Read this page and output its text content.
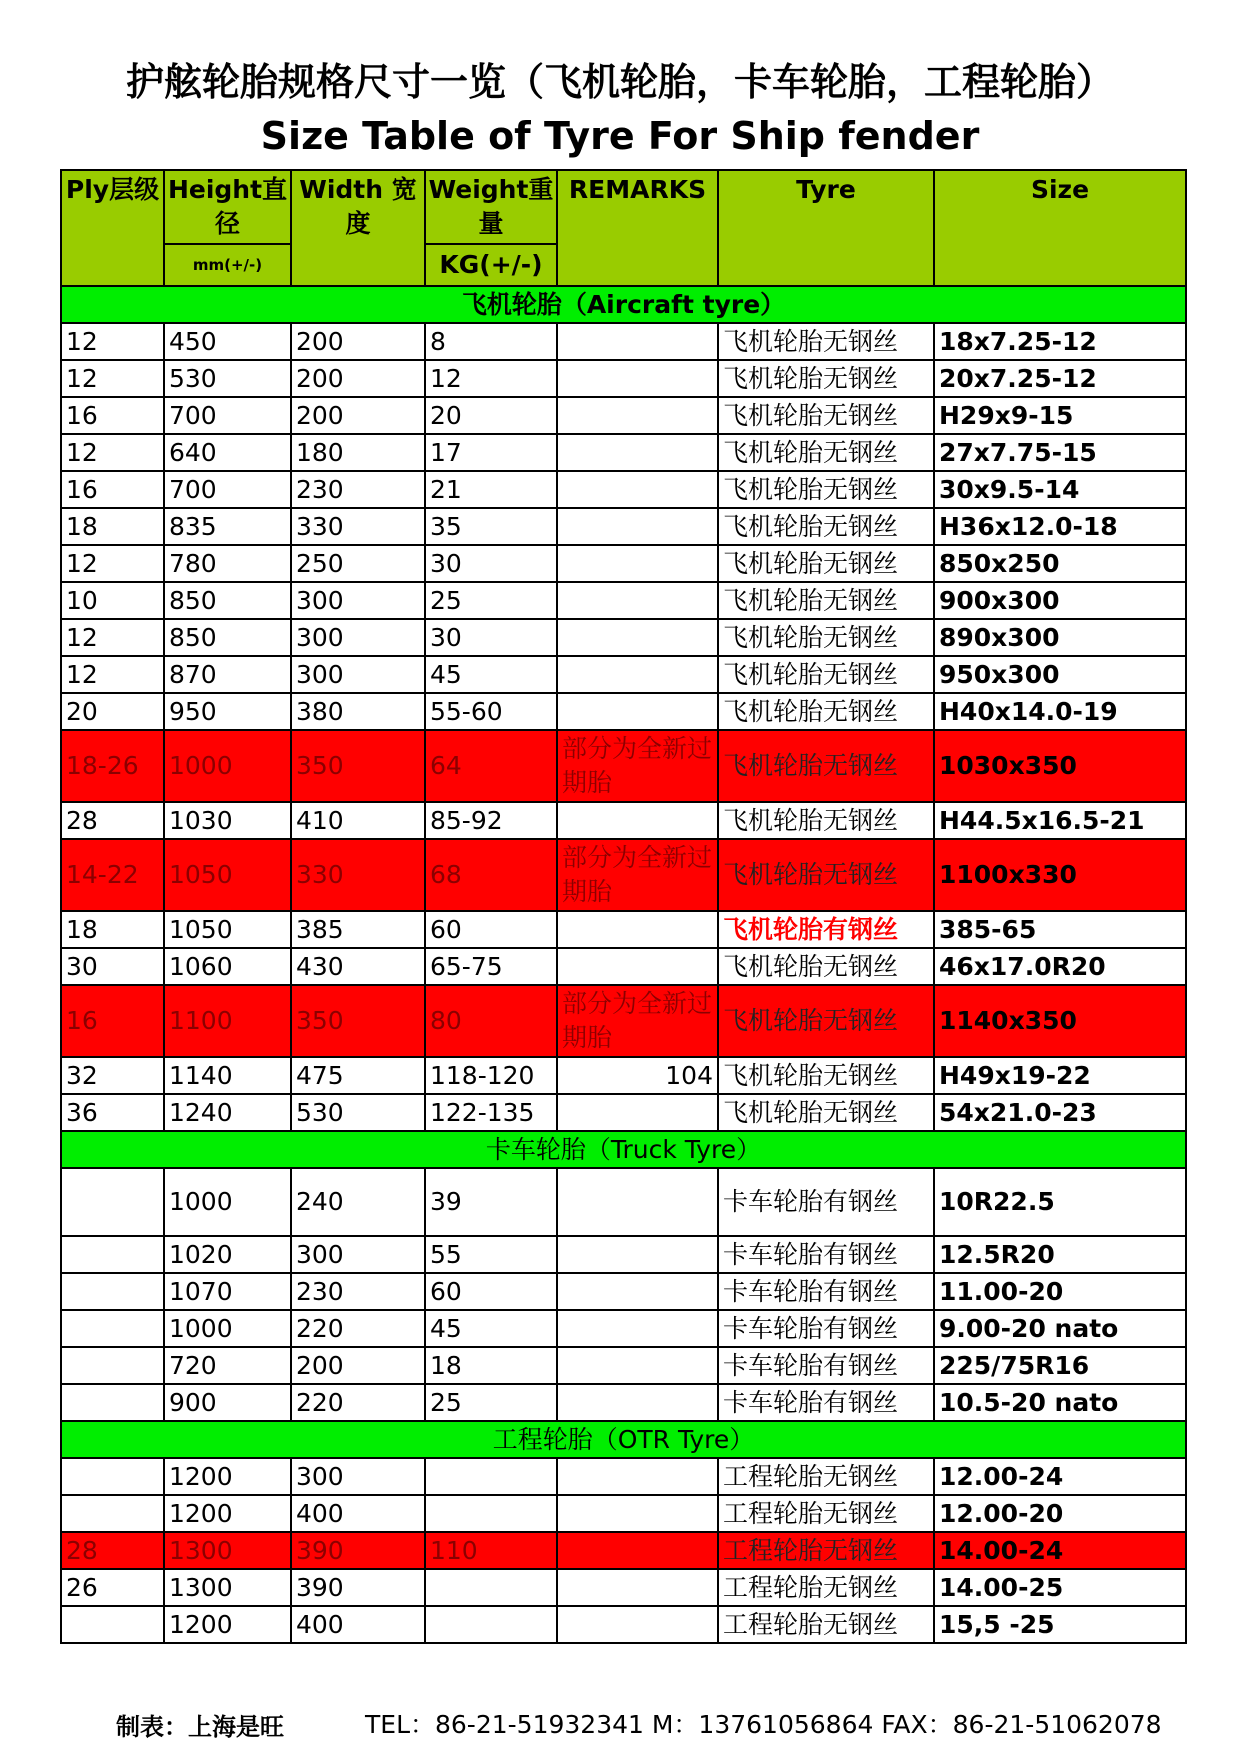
护舷轮胎规格尺寸一览（飞机轮胎，卡车轮胎，工程轮胎）
Size Table of Tyre For Ship fender
Ply层级	Height直径	Width 宽度	Weight重量	REMARKS	Tyre	Size
	mm(+/-)		KG(+/-)			
飞机轮胎（Aircraft tyre）						
12	450	200	8		飞机轮胎无钢丝	18x7.25-12
12	530	200	12		飞机轮胎无钢丝	20x7.25-12
16	700	200	20		飞机轮胎无钢丝	H29x9-15
12	640	180	17		飞机轮胎无钢丝	27x7.75-15
16	700	230	21		飞机轮胎无钢丝	30x9.5-14
18	835	330	35		飞机轮胎无钢丝	H36x12.0-18
12	780	250	30		飞机轮胎无钢丝	850x250
10	850	300	25		飞机轮胎无钢丝	900x300
12	850	300	30		飞机轮胎无钢丝	890x300
12	870	300	45		飞机轮胎无钢丝	950x300
20	950	380	55-60		飞机轮胎无钢丝	H40x14.0-19
18-26	1000	350	64	部分为全新过期胎	飞机轮胎无钢丝	1030x350
28	1030	410	85-92		飞机轮胎无钢丝	H44.5x16.5-21
14-22	1050	330	68	部分为全新过期胎	飞机轮胎无钢丝	1100x330
18	1050	385	60		飞机轮胎有钢丝	385-65
30	1060	430	65-75		飞机轮胎无钢丝	46x17.0R20
16	1100	350	80	部分为全新过期胎	飞机轮胎无钢丝	1140x350
32	1140	475	118-120	104	飞机轮胎无钢丝	H49x19-22
36	1240	530	122-135		飞机轮胎无钢丝	54x21.0-23
卡车轮胎（Truck Tyre）						
	1000	240	39		卡车轮胎有钢丝	10R22.5
	1020	300	55		卡车轮胎有钢丝	12.5R20
	1070	230	60		卡车轮胎有钢丝	11.00-20
	1000	220	45		卡车轮胎有钢丝	9.00-20 nato
	720	200	18		卡车轮胎有钢丝	225/75R16
	900	220	25		卡车轮胎有钢丝	10.5-20 nato
工程轮胎（OTR Tyre）						
	1200	300			工程轮胎无钢丝	12.00-24
	1200	400			工程轮胎无钢丝	12.00-20
28	1300	390	110		工程轮胎无钢丝	14.00-24
26	1300	390			工程轮胎无钢丝	14.00-25
	1200	400			工程轮胎无钢丝	15,5 -25
制表：上海是旺	TEL：86-21-51932341 M：13761056864 FAX：86-21-51062078
